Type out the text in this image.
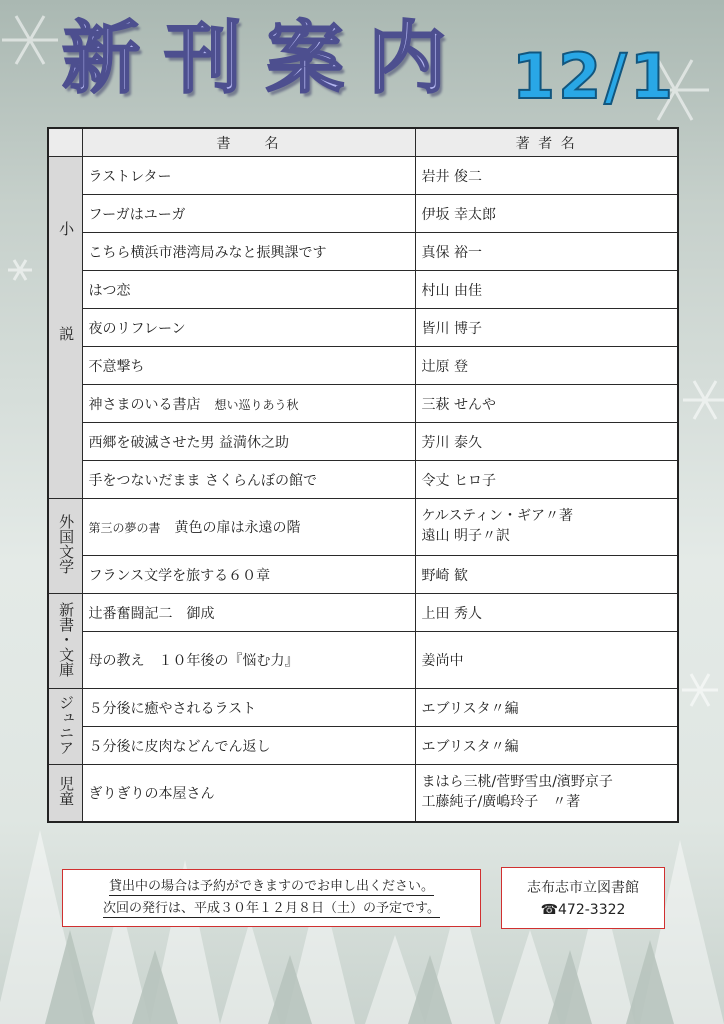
新刊案内 12/1
	書　　名	著 者 名
小説	ラストレター	岩井 俊二
	フーガはユーガ	伊坂 幸太郎
	こちら横浜市港湾局みなと振興課です	真保 裕一
	はつ恋	村山 由佳
	夜のリフレーン	皆川 博子
	不意撃ち	辻原 登
	神さまのいる書店　 想い巡りあう秋	三萩 せんや
	西郷を破滅させた男 益満休之助	芳川 泰久
	手をつないだまま さくらんぼの館で	令丈 ヒロ子
外国文学	第三の夢の書　 黄色の扉は永遠の階	ケルスティン・ギア〃著
遠山 明子〃訳

	フランス文学を旅する６０章	野崎 歓
新書・文庫	辻番奮闘記二　御成	上田 秀人
	母の教え　１０年後の『悩む力』	姜尚中
ジュニア	５分後に癒やされるラスト	エブリスタ〃編
	５分後に皮肉などんでん返し	エブリスタ〃編
児童	ぎりぎりの本屋さん	まはら三桃/菅野雪虫/濱野京子
工藤純子/廣嶋玲子　〃著
貸出中の場合は予約ができますのでお申し出ください。
次回の発行は、平成３０年１２月８日（土）の予定です。
志布志市立図書館
☎472-3322
